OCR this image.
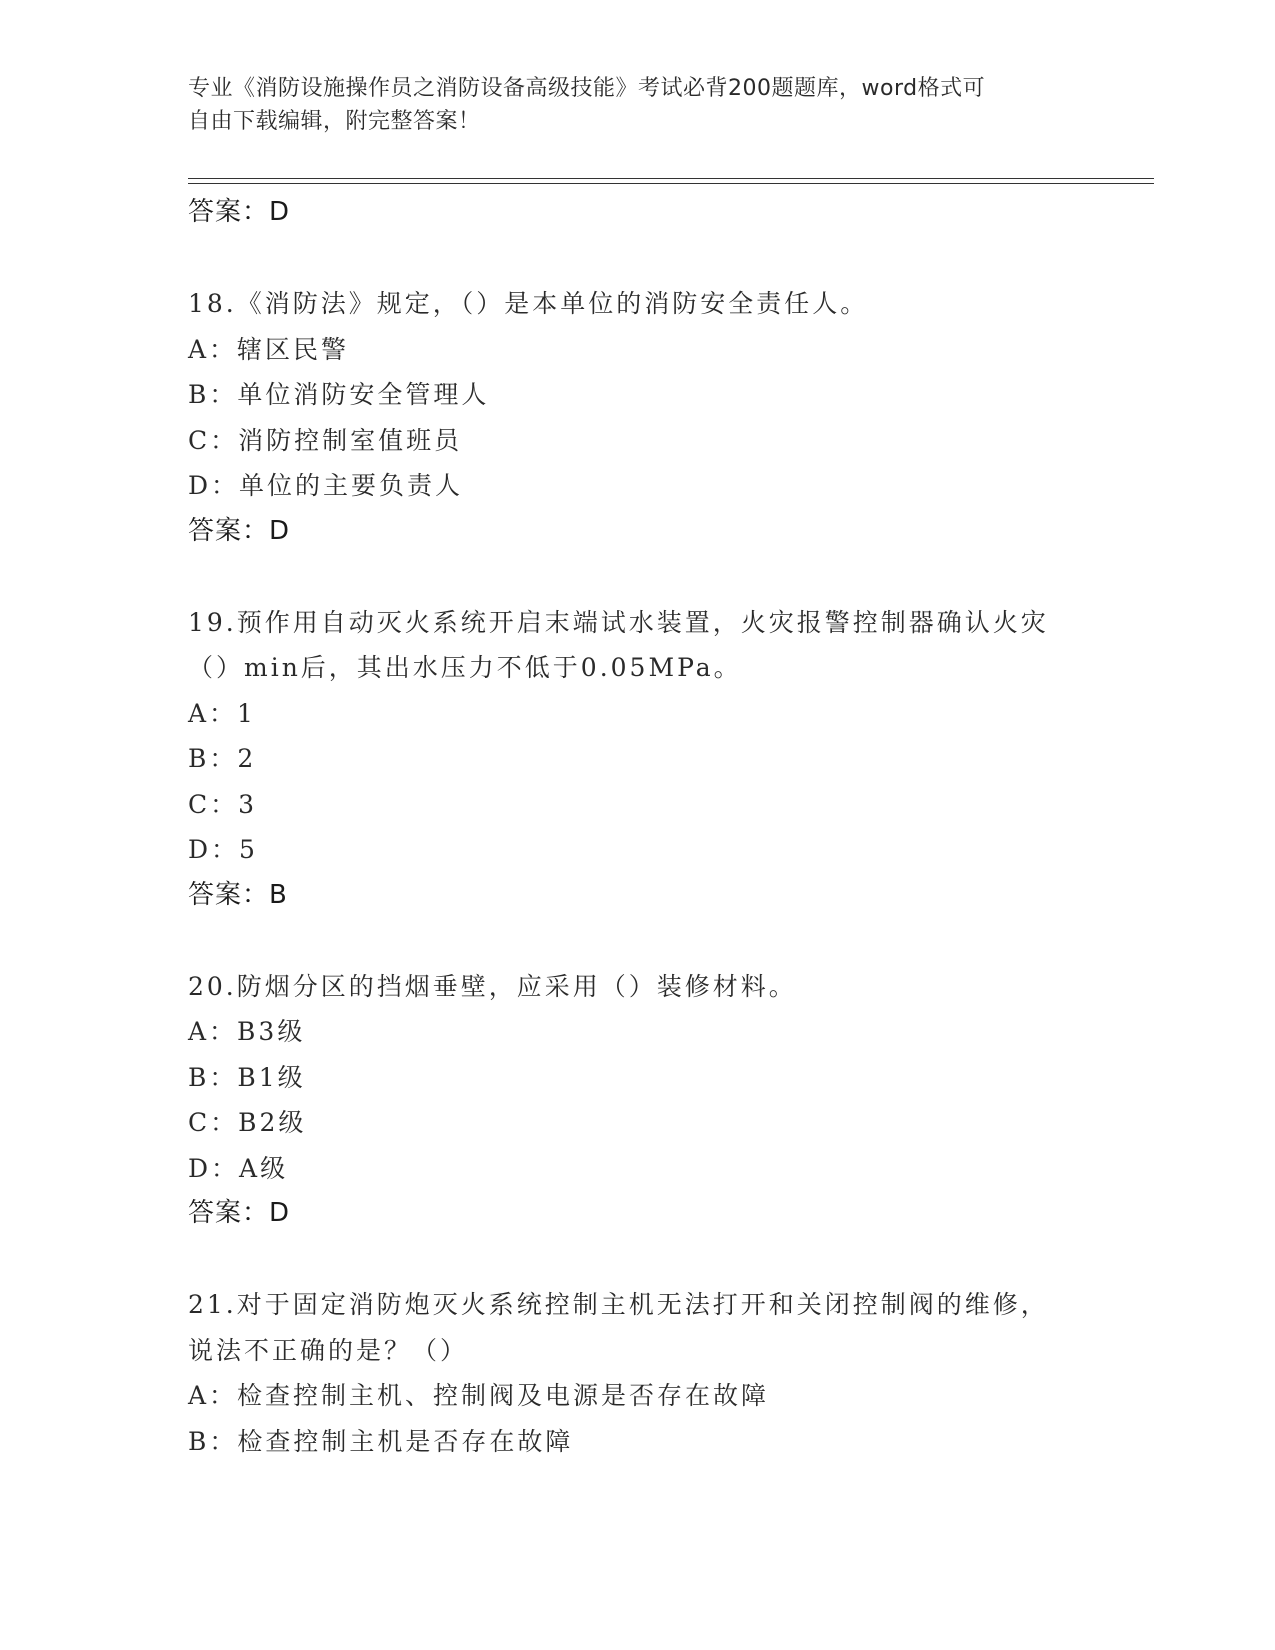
专业《消防设施操作员之消防设备高级技能》考试必背200题题库，word格式可
自由下载编辑，附完整答案！
答案：D
18.《消防法》规定，（）是本单位的消防安全责任人。
A：辖区民警
B：单位消防安全管理人
C：消防控制室值班员
D：单位的主要负责人
答案：D
19.预作用自动灭火系统开启末端试水装置，火灾报警控制器确认火灾
（）min后，其出水压力不低于0.05MPa。
A：1
B：2
C：3
D：5
答案：B
20.防烟分区的挡烟垂壁，应采用（）装修材料。
A：B3级
B：B1级
C：B2级
D：A级
答案：D
21.对于固定消防炮灭火系统控制主机无法打开和关闭控制阀的维修，
说法不正确的是？（）
A：检查控制主机、控制阀及电源是否存在故障
B：检查控制主机是否存在故障
